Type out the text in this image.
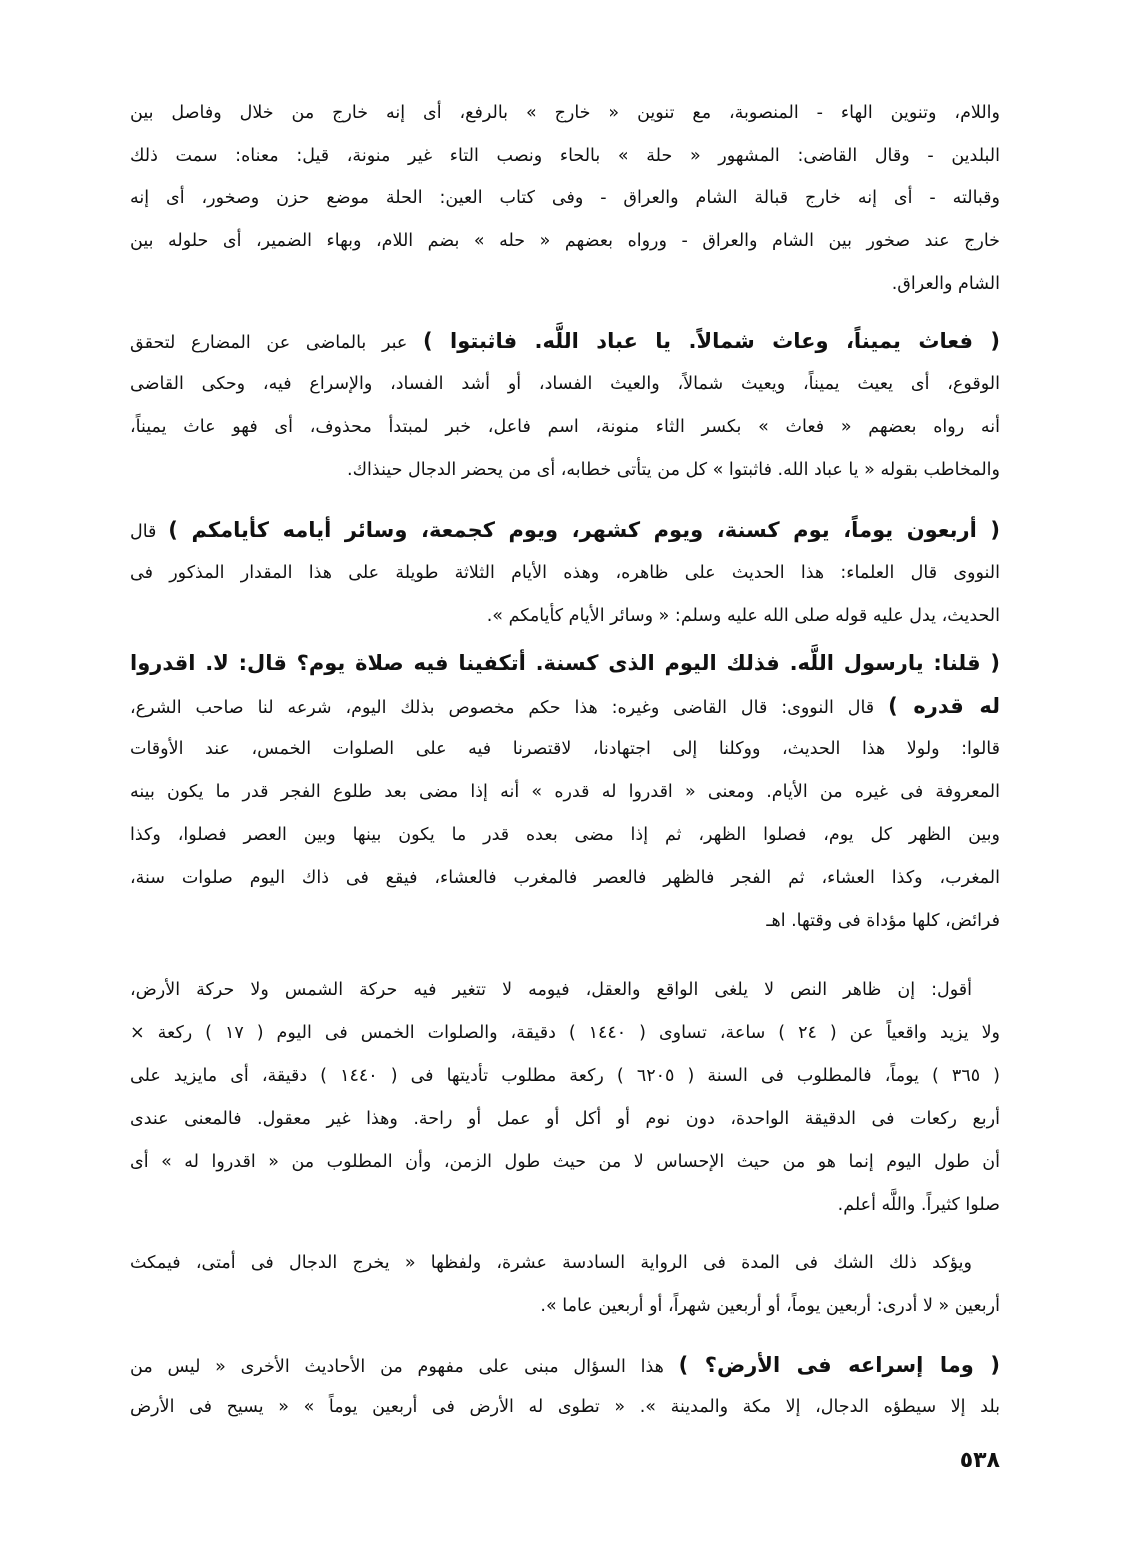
واللام، وتنوين الهاء - المنصوبة، مع تنوين « خارج » بالرفع، أى إنه خارج من خلال وفاصل بين
البلدين - وقال القاضى: المشهور « حلة » بالحاء ونصب التاء غير منونة، قيل: معناه: سمت ذلك
وقبالته - أى إنه خارج قبالة الشام والعراق - وفى كتاب العين: الحلة موضع حزن وصخور، أى إنه
خارج عند صخور بين الشام والعراق - ورواه بعضهم « حله » بضم اللام، وبهاء الضمير، أى حلوله بين
الشام والعراق.
( فعاث يميناً، وعاث شمالاً. يا عباد اللَّه. فاثبتوا ) عبر بالماضى عن المضارع لتحقق
الوقوع، أى يعيث يميناً، ويعيث شمالاً، والعيث الفساد، أو أشد الفساد، والإسراع فيه، وحكى القاضى
أنه رواه بعضهم « فعاث » بكسر الثاء منونة، اسم فاعل، خبر لمبتدأ محذوف، أى فهو عاث يميناً،
والمخاطب بقوله « يا عباد الله. فاثبتوا » كل من يتأتى خطابه، أى من يحضر الدجال حينذاك.
( أربعون يوماً، يوم كسنة، ويوم كشهر، ويوم كجمعة، وسائر أيامه كأيامكم ) قال
النووى قال العلماء: هذا الحديث على ظاهره، وهذه الأيام الثلاثة طويلة على هذا المقدار المذكور فى
الحديث، يدل عليه قوله صلى الله عليه وسلم: « وسائر الأيام كأيامكم ».
( قلنا: يارسول اللَّه. فذلك اليوم الذى كسنة. أتكفينا فيه صلاة يوم؟ قال: لا. اقدروا
له قدره ) قال النووى: قال القاضى وغيره: هذا حكم مخصوص بذلك اليوم، شرعه لنا صاحب الشرع،
قالوا: ولولا هذا الحديث، ووكلنا إلى اجتهادنا، لاقتصرنا فيه على الصلوات الخمس، عند الأوقات
المعروفة فى غيره من الأيام. ومعنى « اقدروا له قدره » أنه إذا مضى بعد طلوع الفجر قدر ما يكون بينه
وبين الظهر كل يوم، فصلوا الظهر، ثم إذا مضى بعده قدر ما يكون بينها وبين العصر فصلوا، وكذا
المغرب، وكذا العشاء، ثم الفجر فالظهر فالعصر فالمغرب فالعشاء، فيقع فى ذاك اليوم صلوات سنة،
فرائض، كلها مؤداة فى وقتها. اهـ
أقول: إن ظاهر النص لا يلغى الواقع والعقل، فيومه لا تتغير فيه حركة الشمس ولا حركة الأرض،
ولا يزيد واقعياً عن ( ٢٤ ) ساعة، تساوى ( ١٤٤٠ ) دقيقة، والصلوات الخمس فى اليوم ( ١٧ ) ركعة ×
( ٣٦٥ ) يوماً، فالمطلوب فى السنة ( ٦٢٠٥ ) ركعة مطلوب تأديتها فى ( ١٤٤٠ ) دقيقة، أى مايزيد على
أربع ركعات فى الدقيقة الواحدة، دون نوم أو أكل أو عمل أو راحة. وهذا غير معقول. فالمعنى عندى
أن طول اليوم إنما هو من حيث الإحساس لا من حيث طول الزمن، وأن المطلوب من « اقدروا له » أى
صلوا كثيراً. واللَّه أعلم.
ويؤكد ذلك الشك فى المدة فى الرواية السادسة عشرة، ولفظها « يخرج الدجال فى أمتى، فيمكث
أربعين « لا أدرى: أربعين يوماً، أو أربعين شهراً، أو أربعين عاما ».
( وما إسراعه فى الأرض؟ ) هذا السؤال مبنى على مفهوم من الأحاديث الأخرى « ليس من
بلد إلا سيطؤه الدجال، إلا مكة والمدينة ». « تطوى له الأرض فى أربعين يوماً » « يسيح فى الأرض
٥٣٨
